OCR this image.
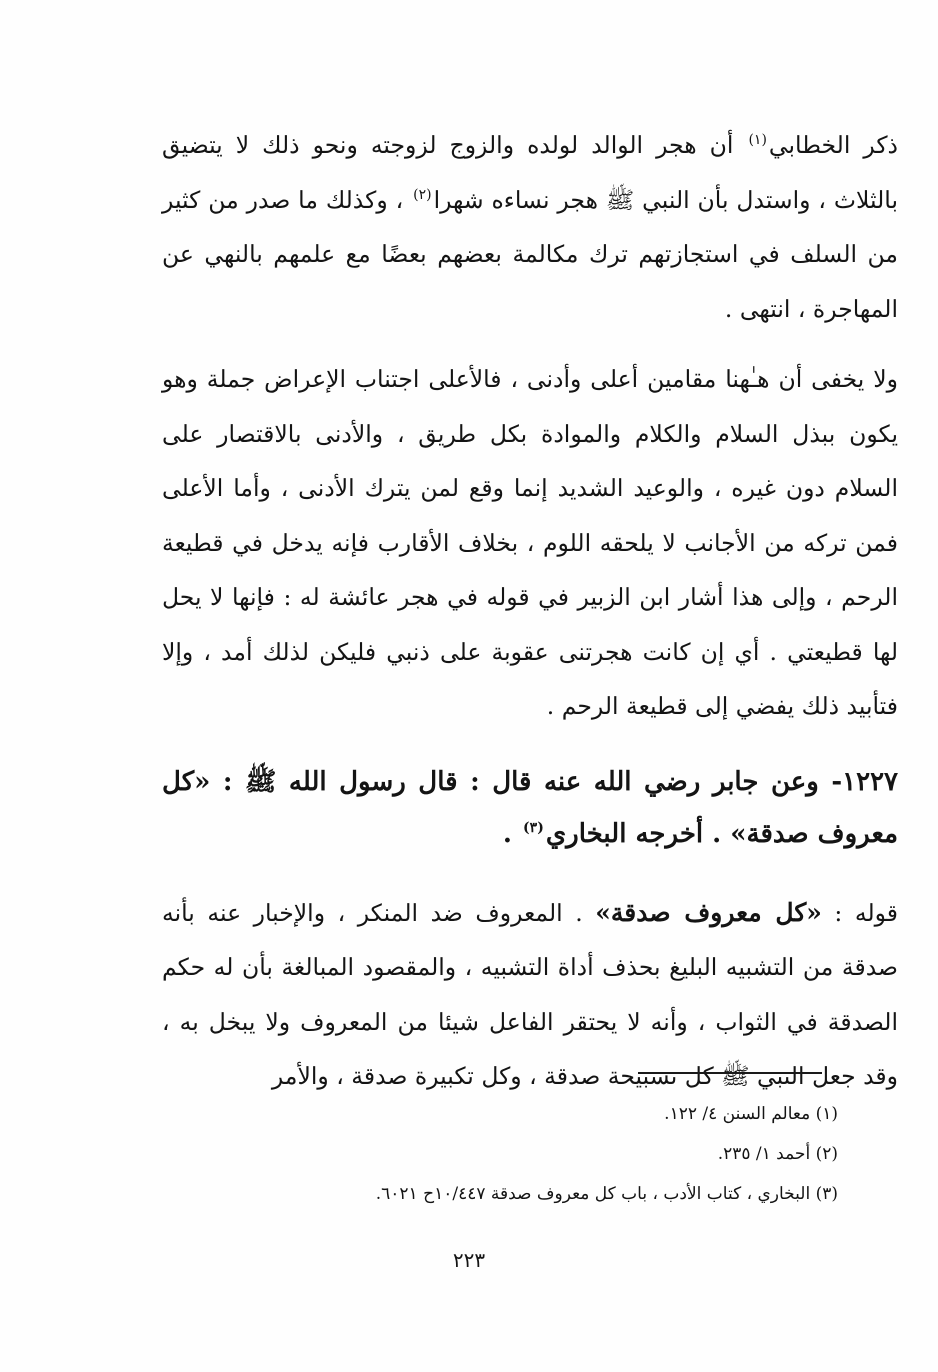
ذكر الخطابي$^{(١)}$ أن هجر الوالد لولده والزوج لزوجته ونحو ذلك لا يتضيق بالثلاث ، واستدل بأن النبي ﷺ هجر نساءه شهرا$^{(٢)}$ ، وكذلك ما صدر من كثير من السلف في استجازتهم ترك مكالمة بعضهم بعضًا مع علمهم بالنهي عن المهاجرة ، انتهى .

ولا يخفى أن هـٰهنا مقامين أعلى وأدنى ، فالأعلى اجتناب الإعراض جملة وهو يكون ببذل السلام والكلام والموادة بكل طريق ، والأدنى بالاقتصار على السلام دون غيره ، والوعيد الشديد إنما وقع لمن يترك الأدنى ، وأما الأعلى فمن تركه من الأجانب لا يلحقه اللوم ، بخلاف الأقارب فإنه يدخل في قطيعة الرحم ، وإلى هذا أشار ابن الزبير في قوله في هجر عائشة له : فإنها لا يحل لها قطيعتي . أي إن كانت هجرتنى عقوبة على ذنبي فليكن لذلك أمد ، وإلا فتأبيد ذلك يفضي إلى قطيعة الرحم .

١٢٢٧- وعن جابر رضي الله عنه قال : قال رسول الله ﷺ : «كل معروف صدقة» . أخرجه البخاري$^{(٣)}$ .

قوله : «كل معروف صدقة» . المعروف ضد المنكر ، والإخبار عنه بأنه صدقة من التشبيه البليغ بحذف أداة التشبيه ، والمقصود المبالغة بأن له حكم الصدقة في الثواب ، وأنه لا يحتقر الفاعل شيئا من المعروف ولا يبخل به ، وقد جعل النبي ﷺ كل تسبيحة صدقة ، وكل تكبيرة صدقة ، والأمر

(١) معالم السنن ٤/ ١٢٢.

(٢) أحمد ١/ ٢٣٥.

(٣) البخاري ، كتاب الأدب ، باب كل معروف صدقة ١٠/٤٤٧ح ٦٠٢١.

٢٢٣
